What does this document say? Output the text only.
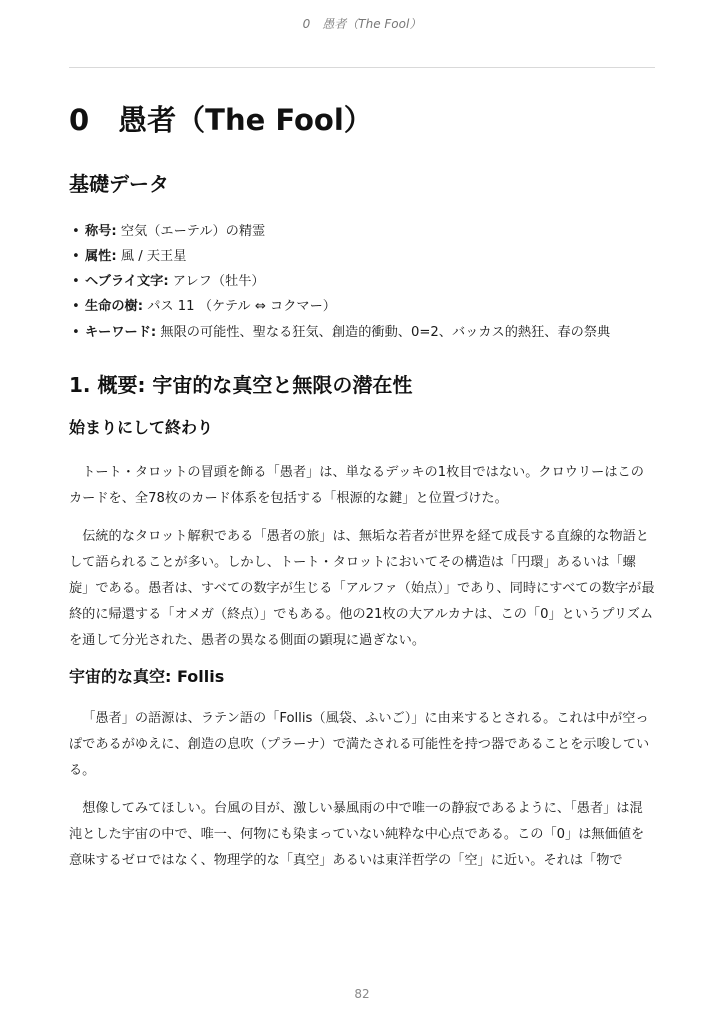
0　愚者（The Fool）
0　愚者（The Fool）
基礎データ
• 称号: 空気（エーテル）の精霊
• 属性: 風 / 天王星
• ヘブライ文字: アレフ（牡牛）
• 生命の樹: パス 11 （ケテル ⇔ コクマー）
• キーワード: 無限の可能性、聖なる狂気、創造的衝動、0=2、バッカス的熱狂、春の祭典
1. 概要: 宇宙的な真空と無限の潜在性
始まりにして終わり

トート・タロットの冒頭を飾る「愚者」は、単なるデッキの1枚目ではない。クロウリーはこのカードを、全78枚のカード体系を包括する「根源的な鍵」と位置づけた。

伝統的なタロット解釈である「愚者の旅」は、無垢な若者が世界を経て成長する直線的な物語として語られることが多い。しかし、トート・タロットにおいてその構造は「円環」あるいは「螺旋」である。愚者は、すべての数字が生じる「アルファ（始点）」であり、同時にすべての数字が最終的に帰還する「オメガ（終点）」でもある。他の21枚の大アルカナは、この「0」というプリズムを通して分光された、愚者の異なる側面の顕現に過ぎない。

宇宙的な真空: Follis

「愚者」の語源は、ラテン語の「Follis（風袋、ふいご）」に由来するとされる。これは中が空っぽであるがゆえに、創造の息吹（プラーナ）で満たされる可能性を持つ器であることを示唆している。

想像してみてほしい。台風の目が、激しい暴風雨の中で唯一の静寂であるように、「愚者」は混沌とした宇宙の中で、唯一、何物にも染まっていない純粋な中心点である。この「0」は無価値を意味するゼロではなく、物理学的な「真空」あるいは東洋哲学の「空」に近い。それは「物で

82
